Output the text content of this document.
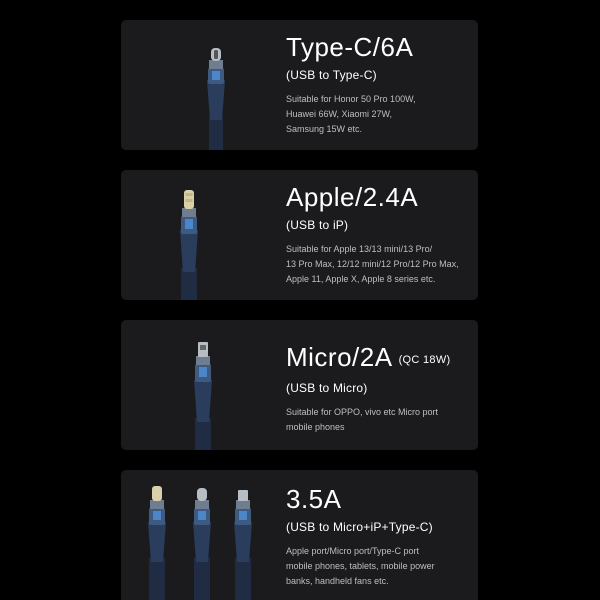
Type-C/6A
(USB to Type-C)
Suitable for Honor 50 Pro 100W,
Huawei 66W, Xiaomi 27W,
Samsung 15W etc.
Apple/2.4A
(USB to iP)
Suitable for Apple 13/13 mini/13 Pro/
13 Pro Max, 12/12 mini/12 Pro/12 Pro Max,
Apple 11, Apple X, Apple 8 series etc.
Micro/2A (QC 18W)
(USB to Micro)
Suitable for OPPO, vivo etc Micro port
mobile phones
3.5A
(USB to Micro+iP+Type-C)
Apple port/Micro port/Type-C port
mobile phones, tablets, mobile power
banks, handheld fans etc.
